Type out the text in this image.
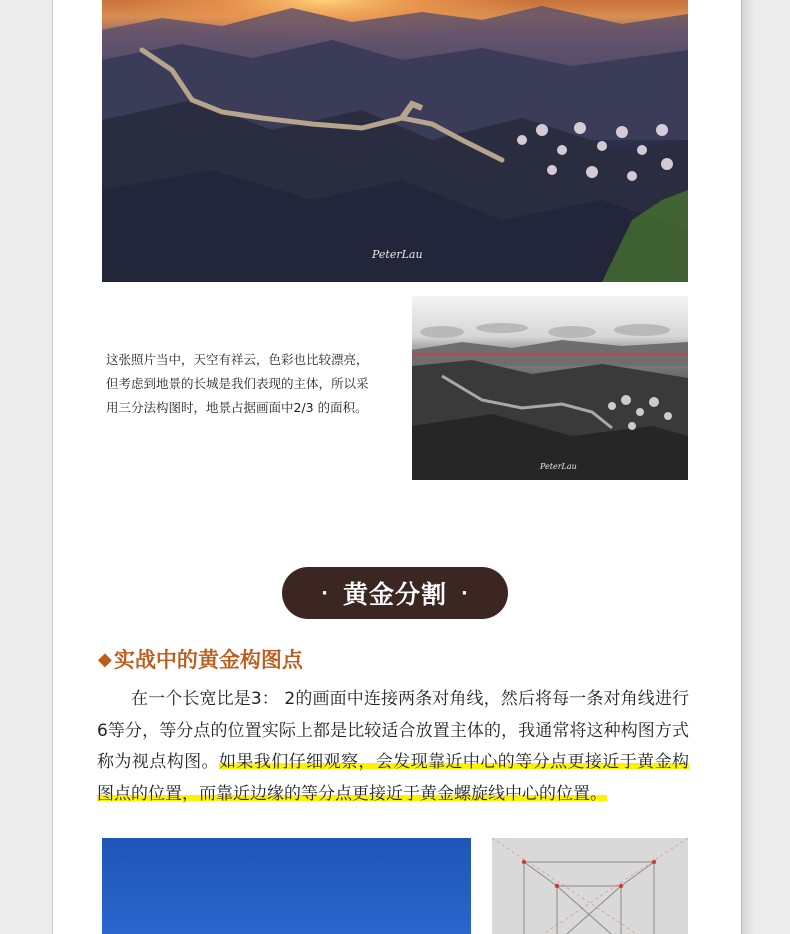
PeterLau

这张照片当中，天空有祥云，色彩也比较漂亮，

但考虑到地景的长城是我们表现的主体，所以采

用三分法构图时，地景占据画面中2/3 的面积。

PeterLau
· 黄金分割 ·
◆ 实战中的黄金构图点

在一个长宽比是3： 2的画面中连接两条对角线，然后将每一条对角线进行6等分，等分点的位置实际上都是比较适合放置主体的，我通常将这种构图方式称为视点构图。如果我们仔细观察，会发现靠近中心的等分点更接近于黄金构图点的位置，而靠近边缘的等分点更接近于黄金螺旋线中心的位置。
